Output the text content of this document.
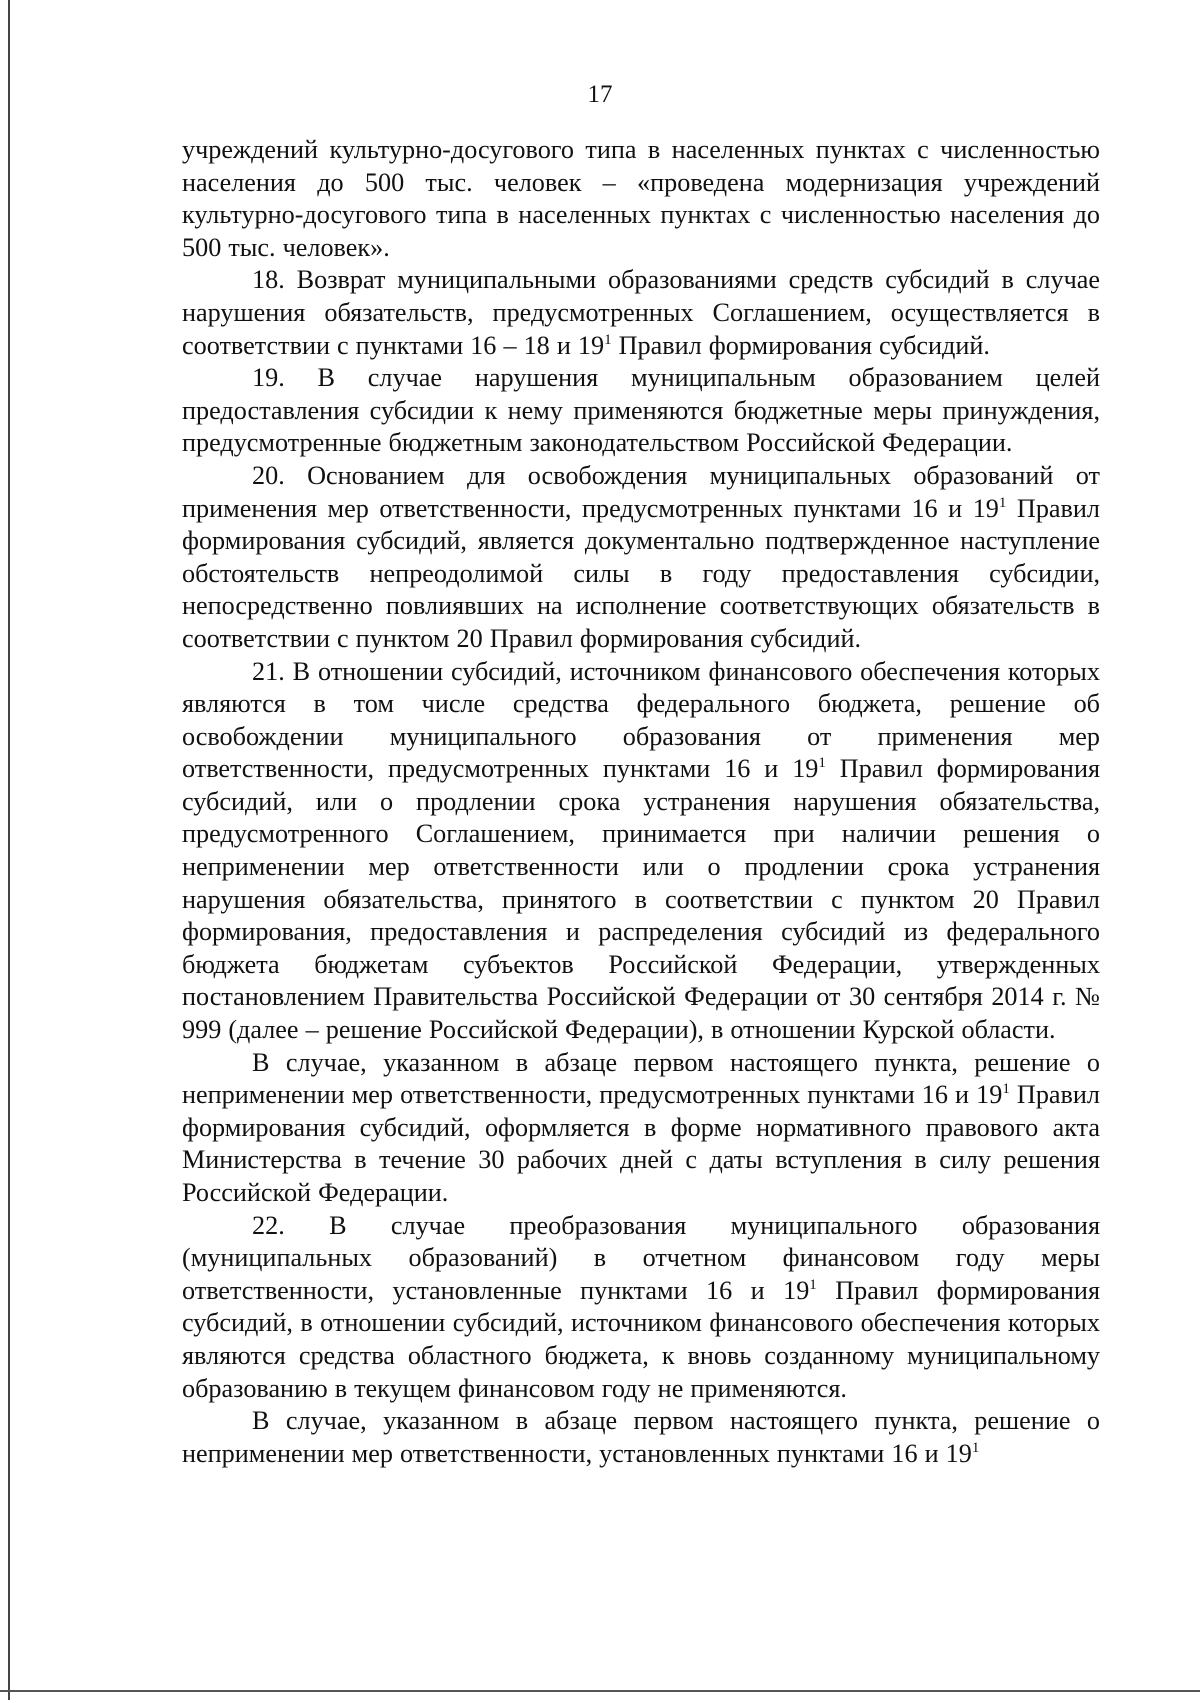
17

учреждений культурно-досугового типа в населенных пунктах с численностью населения до 500 тыс. человек – «проведена модернизация учреждений культурно-досугового типа в населенных пунктах с численностью населения до 500 тыс. человек».

18. Возврат муниципальными образованиями средств субсидий в случае нарушения обязательств, предусмотренных Соглашением, осуществляется в соответствии с пунктами 16 – 18 и $19^1$ Правил формирования субсидий.

19. В случае нарушения муниципальным образованием целей предоставления субсидии к нему применяются бюджетные меры принуждения, предусмотренные бюджетным законодательством Российской Федерации.

20. Основанием для освобождения муниципальных образований от применения мер ответственности, предусмотренных пунктами 16 и $19^1$ Правил формирования субсидий, является документально подтвержденное наступление обстоятельств непреодолимой силы в году предоставления субсидии, непосредственно повлиявших на исполнение соответствующих обязательств в соответствии с пунктом 20 Правил формирования субсидий.

21. В отношении субсидий, источником финансового обеспечения которых являются в том числе средства федерального бюджета, решение об освобождении муниципального образования от применения мер ответственности, предусмотренных пунктами 16 и $19^1$ Правил формирования субсидий, или о продлении срока устранения нарушения обязательства, предусмотренного Соглашением, принимается при наличии решения о неприменении мер ответственности или о продлении срока устранения нарушения обязательства, принятого в соответствии с пунктом 20 Правил формирования, предоставления и распределения субсидий из федерального бюджета бюджетам субъектов Российской Федерации, утвержденных постановлением Правительства Российской Федерации от 30 сентября 2014 г. № 999 (далее – решение Российской Федерации), в отношении Курской области.

В случае, указанном в абзаце первом настоящего пункта, решение о неприменении мер ответственности, предусмотренных пунктами 16 и $19^1$ Правил формирования субсидий, оформляется в форме нормативного правового акта Министерства в течение 30 рабочих дней с даты вступления в силу решения Российской Федерации.

22. В случае преобразования муниципального образования (муниципальных образований) в отчетном финансовом году меры ответственности, установленные пунктами 16 и $19^1$ Правил формирования субсидий, в отношении субсидий, источником финансового обеспечения которых являются средства областного бюджета, к вновь созданному муниципальному образованию в текущем финансовом году не применяются.

В случае, указанном в абзаце первом настоящего пункта, решение о неприменении мер ответственности, установленных пунктами 16 и $19^1$
